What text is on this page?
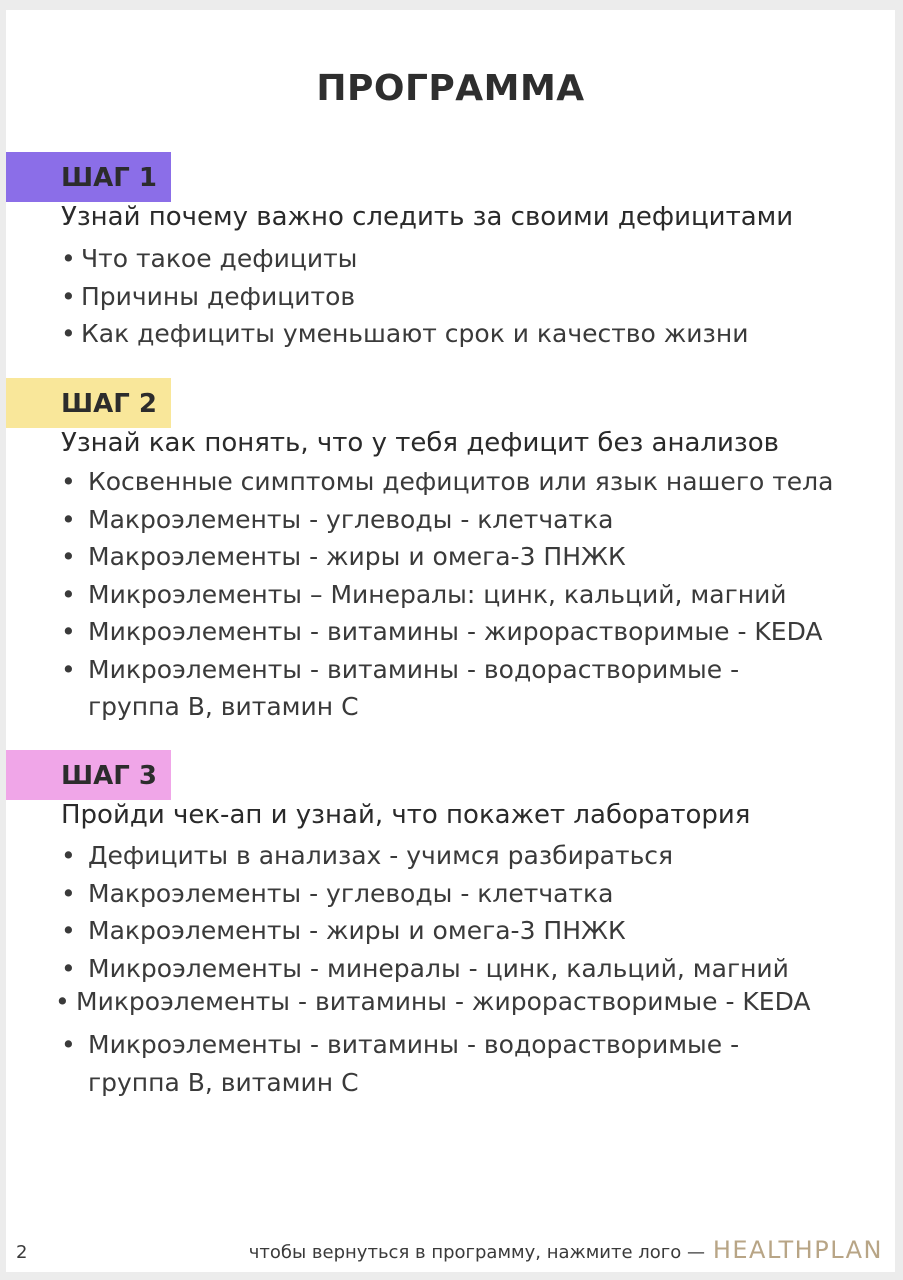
ПРОГРАММА
ШАГ 1
Узнай почему важно следить за своими дефицитами
• Что такое дефициты
• Причины дефицитов
• Как дефициты уменьшают срок и качество жизни
ШАГ 2
Узнай как понять, что у тебя дефицит без анализов
• Косвенные симптомы дефицитов или язык нашего тела
• Макроэлементы - углеводы - клетчатка
• Макроэлементы - жиры и омега-3 ПНЖК
• Микроэлементы – Минералы: цинк, кальций, магний
• Микроэлементы - витамины - жирорастворимые - KEDA
• Микроэлементы - витамины - водорастворимые -
группа В, витамин С
ШАГ 3
Пройди чек-ап и узнай, что покажет лаборатория
• Дефициты в анализах - учимся разбираться
• Макроэлементы - углеводы - клетчатка
• Макроэлементы - жиры и омега-3 ПНЖК
• Микроэлементы - минералы - цинк, кальций, магний
• Микроэлементы - витамины - жирорастворимые - KEDA
• Микроэлементы - витамины - водорастворимые -
группа В, витамин С
2	чтобы вернуться в программу, нажмите лого — HEALTHPLAN
